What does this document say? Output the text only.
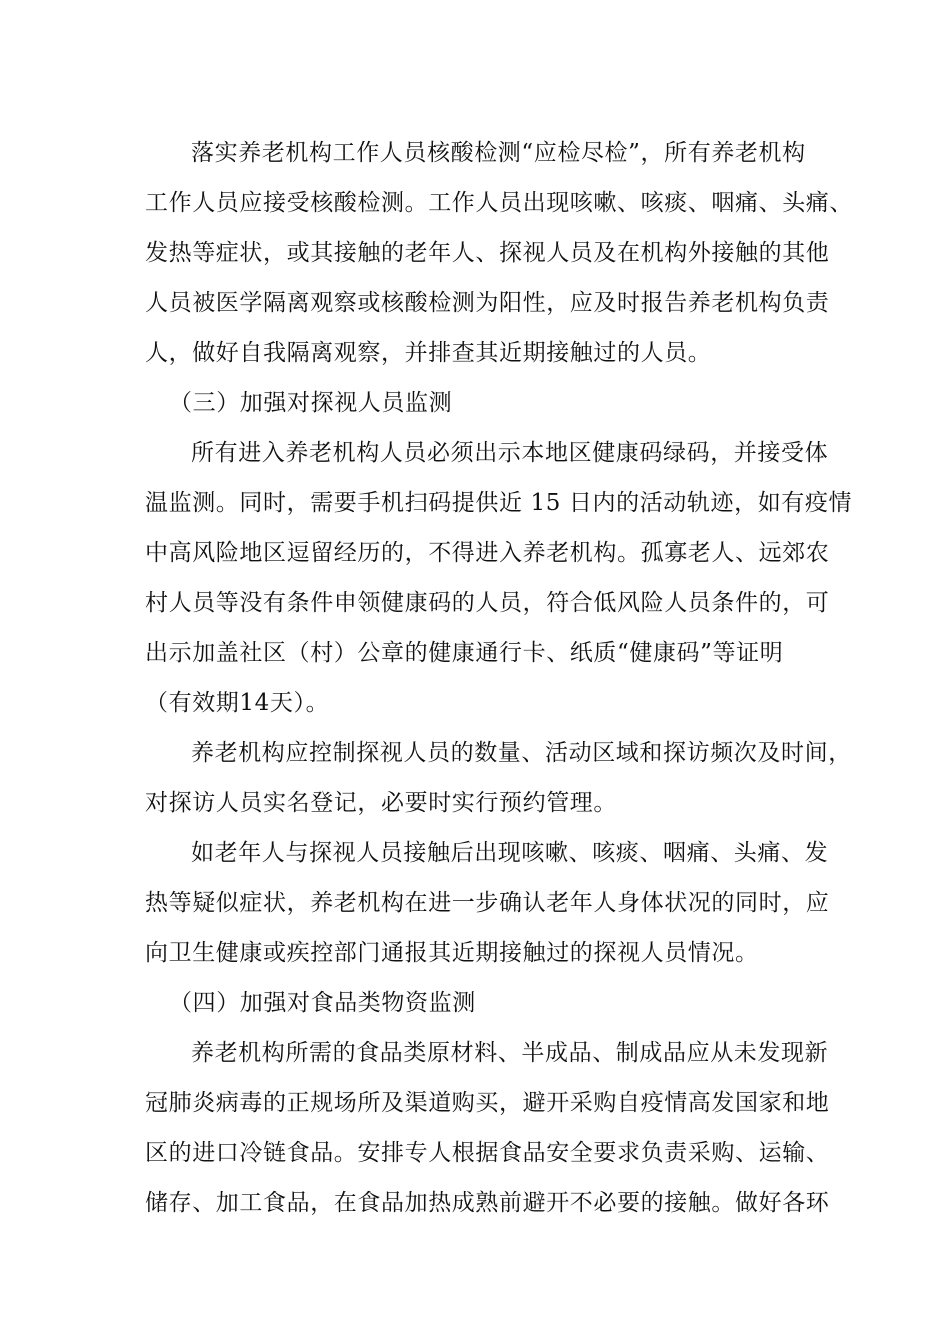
落实养老机构工作人员核酸检测“应检尽检”，所有养老机构
工作人员应接受核酸检测。工作人员出现咳嗽、咳痰、咽痛、头痛、
发热等症状，或其接触的老年人、探视人员及在机构外接触的其他
人员被医学隔离观察或核酸检测为阳性，应及时报告养老机构负责
人，做好自我隔离观察，并排查其近期接触过的人员。
（三）加强对探视人员监测
所有进入养老机构人员必须出示本地区健康码绿码，并接受体
温监测。同时，需要手机扫码提供近 15 日内的活动轨迹，如有疫情
中高风险地区逗留经历的，不得进入养老机构。孤寡老人、远郊农
村人员等没有条件申领健康码的人员，符合低风险人员条件的，可
出示加盖社区（村）公章的健康通行卡、纸质“健康码”等证明
（有效期14天）。
养老机构应控制探视人员的数量、活动区域和探访频次及时间，
对探访人员实名登记，必要时实行预约管理。
如老年人与探视人员接触后出现咳嗽、咳痰、咽痛、头痛、发
热等疑似症状，养老机构在进一步确认老年人身体状况的同时，应
向卫生健康或疾控部门通报其近期接触过的探视人员情况。
（四）加强对食品类物资监测
养老机构所需的食品类原材料、半成品、制成品应从未发现新
冠肺炎病毒的正规场所及渠道购买，避开采购自疫情高发国家和地
区的进口冷链食品。安排专人根据食品安全要求负责采购、运输、
储存、加工食品，在食品加热成熟前避开不必要的接触。做好各环
